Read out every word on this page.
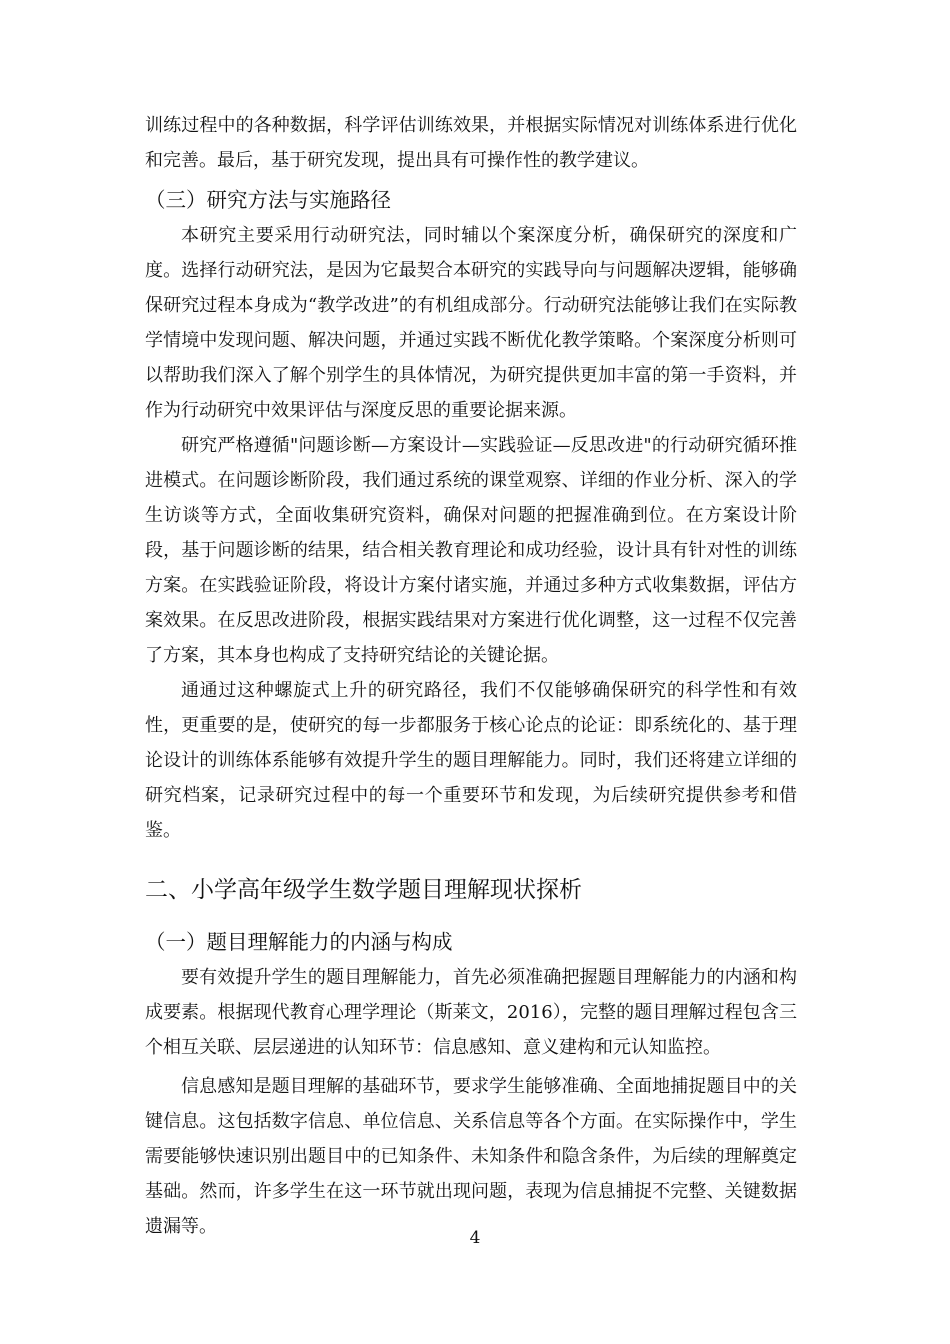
训练过程中的各种数据，科学评估训练效果，并根据实际情况对训练体系进行优化和完善。最后，基于研究发现，提出具有可操作性的教学建议。

（三）研究方法与实施路径

本研究主要采用行动研究法，同时辅以个案深度分析，确保研究的深度和广度。选择行动研究法，是因为它最契合本研究的实践导向与问题解决逻辑，能够确保研究过程本身成为“教学改进”的有机组成部分。行动研究法能够让我们在实际教学情境中发现问题、解决问题，并通过实践不断优化教学策略。个案深度分析则可以帮助我们深入了解个别学生的具体情况，为研究提供更加丰富的第一手资料，并作为行动研究中效果评估与深度反思的重要论据来源。

研究严格遵循"问题诊断—方案设计—实践验证—反思改进"的行动研究循环推进模式。在问题诊断阶段，我们通过系统的课堂观察、详细的作业分析、深入的学生访谈等方式，全面收集研究资料，确保对问题的把握准确到位。在方案设计阶段，基于问题诊断的结果，结合相关教育理论和成功经验，设计具有针对性的训练方案。在实践验证阶段，将设计方案付诸实施，并通过多种方式收集数据，评估方案效果。在反思改进阶段，根据实践结果对方案进行优化调整，这一过程不仅完善了方案，其本身也构成了支持研究结论的关键论据。

通通过这种螺旋式上升的研究路径，我们不仅能够确保研究的科学性和有效性，更重要的是，使研究的每一步都服务于核心论点的论证：即系统化的、基于理论设计的训练体系能够有效提升学生的题目理解能力。同时，我们还将建立详细的研究档案，记录研究过程中的每一个重要环节和发现，为后续研究提供参考和借鉴。

二、小学高年级学生数学题目理解现状探析
（一）题目理解能力的内涵与构成

要有效提升学生的题目理解能力，首先必须准确把握题目理解能力的内涵和构成要素。根据现代教育心理学理论（斯莱文，2016），完整的题目理解过程包含三个相互关联、层层递进的认知环节：信息感知、意义建构和元认知监控。

信息感知是题目理解的基础环节，要求学生能够准确、全面地捕捉题目中的关键信息。这包括数字信息、单位信息、关系信息等各个方面。在实际操作中，学生需要能够快速识别出题目中的已知条件、未知条件和隐含条件，为后续的理解奠定基础。然而，许多学生在这一环节就出现问题，表现为信息捕捉不完整、关键数据遗漏等。

4
